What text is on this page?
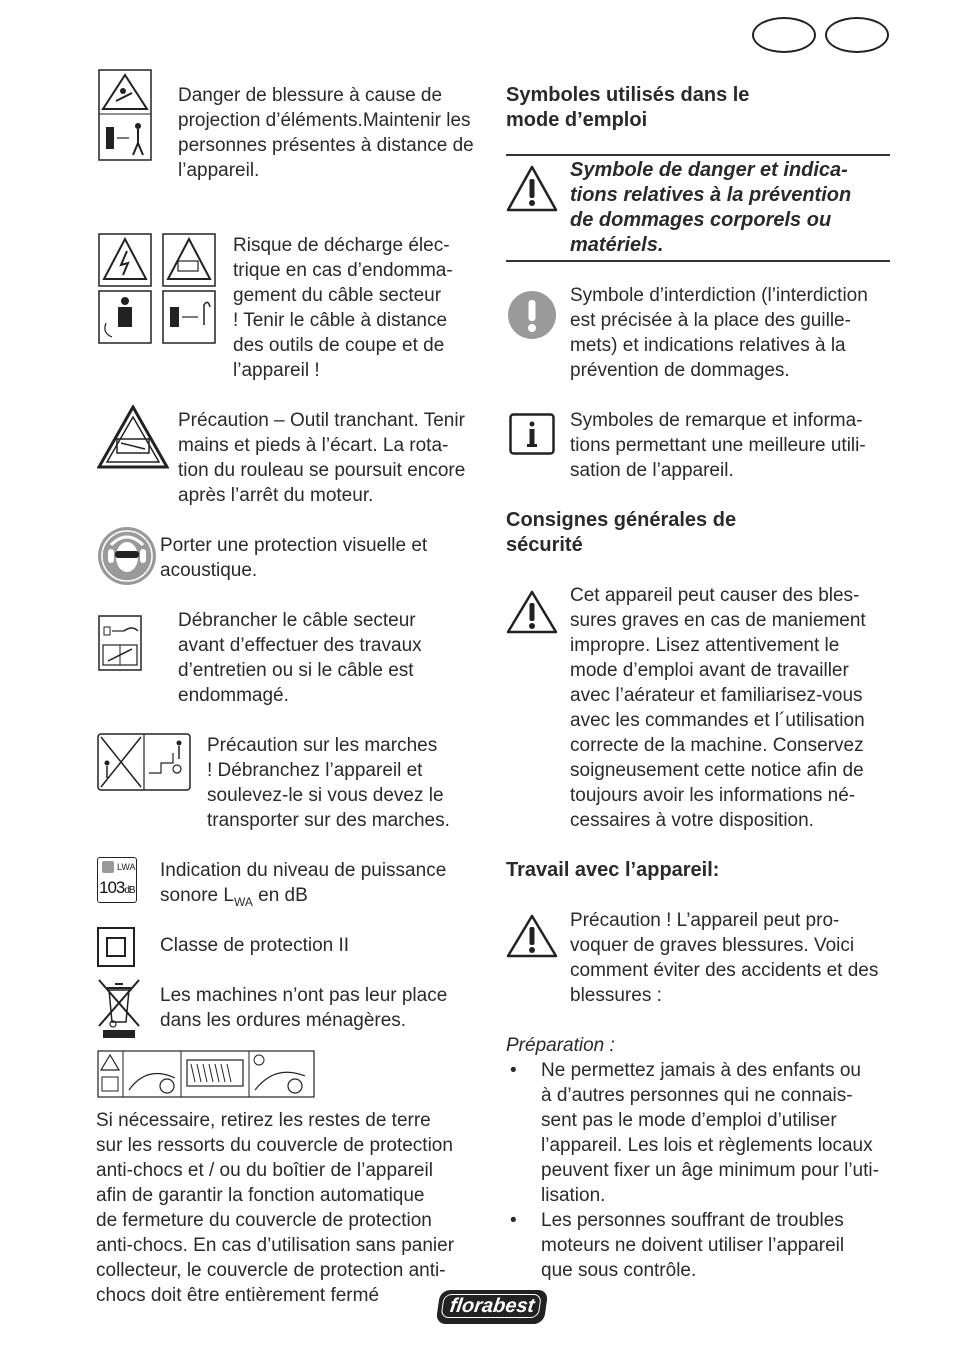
Danger de blessure à cause de
projection d’éléments.Maintenir les
personnes présentes à distance de
l’appareil.
Risque de décharge élec-
trique en cas d’endomma-
gement du câble secteur
! Tenir le câble à distance
des outils de coupe et de
l’appareil !
Précaution – Outil tranchant. Tenir
mains et pieds à l’écart. La rota-
tion du rouleau se poursuit encore
après l’arrêt du moteur.
Porter une protection visuelle et
acoustique.
Débrancher le câble secteur
avant d’effectuer des travaux
d’entretien ou si le câble est
endommagé.
Précaution sur les marches
! Débranchez l’appareil et
soulevez-le si vous devez le
transporter sur des marches.
LWA
103dB
Indication du niveau de puissance
sonore $L_{WA}$ en dB
Classe de protection II
Les machines n’ont pas leur place
dans les ordures ménagères.
Si nécessaire, retirez les restes de terre
sur les ressorts du couvercle de protection
anti-chocs et / ou du boîtier de l’appareil
afin de garantir la fonction automatique
de fermeture du couvercle de protection
anti-chocs. En cas d’utilisation sans panier
collecteur, le couvercle de protection anti-
chocs doit être entièrement fermé
Symboles utilisés dans le
mode d’emploi
Symbole de danger et indica-
tions relatives à la prévention
de dommages corporels ou
matériels.
Symbole d’interdiction (l’interdiction
est précisée à la place des guille-
mets) et indications relatives à la
prévention de dommages.
Symboles de remarque et informa-
tions permettant une meilleure utili-
sation de l’appareil.
Consignes générales de
sécurité
Cet appareil peut causer des bles-
sures graves en cas de maniement
impropre. Lisez attentivement le
mode d’emploi avant de travailler
avec l’aérateur et familiarisez-vous
avec les commandes et l´utilisation
correcte de la machine. Conservez
soigneusement cette notice afin de
toujours avoir les informations né-
cessaires à votre disposition.
Travail avec l’appareil:
Précaution ! L’appareil peut pro-
voquer de graves blessures. Voici
comment éviter des accidents et des
blessures :
Préparation :
• Ne permettez jamais à des enfants ou
à d’autres personnes qui ne connais-
sent pas le mode d’emploi d’utiliser
l’appareil. Les lois et règlements locaux
peuvent fixer un âge minimum pour l’uti-
lisation.
• Les personnes souffrant de troubles
moteurs ne doivent utiliser l’appareil
que sous contrôle.
florabest
